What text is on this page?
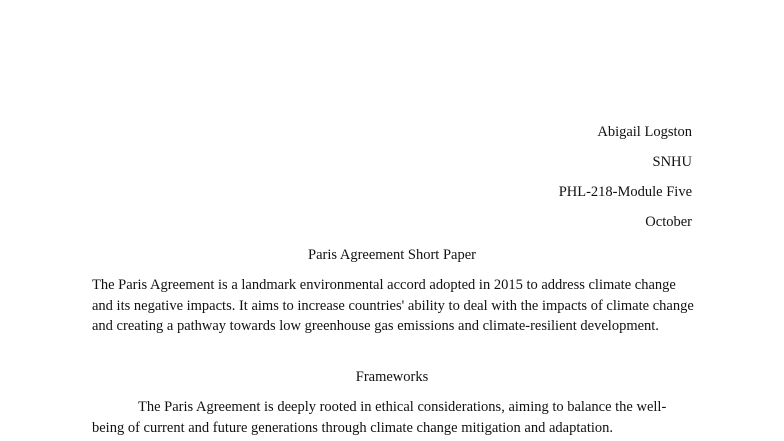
Abigail Logston
SNHU
PHL-218-Module Five
October
Paris Agreement Short Paper

The Paris Agreement is a landmark environmental accord adopted in 2015 to address climate change and its negative impacts. It aims to increase countries' ability to deal with the impacts of climate change and creating a pathway towards low greenhouse gas emissions and climate-resilient development.

Frameworks

The Paris Agreement is deeply rooted in ethical considerations, aiming to balance the well-being of current and future generations through climate change mitigation and adaptation.
